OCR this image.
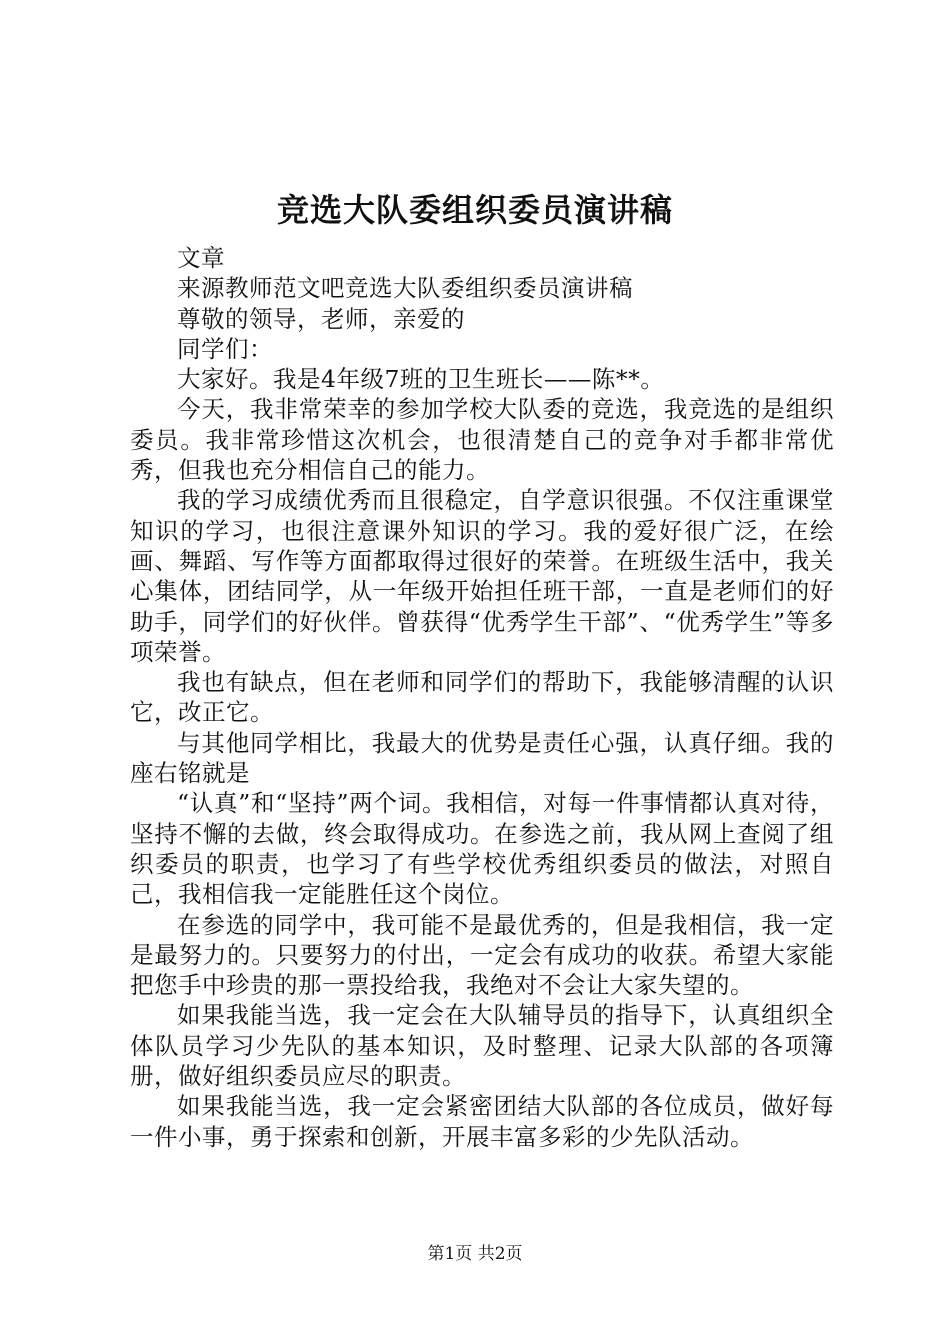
竞选大队委组织委员演讲稿

文章

来源教师范文吧竞选大队委组织委员演讲稿

尊敬的领导，老师，亲爱的

同学们：

大家好。我是4年级7班的卫生班长——陈**。

今天，我非常荣幸的参加学校大队委的竞选，我竞选的是组织委员。我非常珍惜这次机会，也很清楚自己的竞争对手都非常优秀，但我也充分相信自己的能力。

我的学习成绩优秀而且很稳定，自学意识很强。不仅注重课堂知识的学习，也很注意课外知识的学习。我的爱好很广泛，在绘画、舞蹈、写作等方面都取得过很好的荣誉。在班级生活中，我关心集体，团结同学，从一年级开始担任班干部，一直是老师们的好助手，同学们的好伙伴。曾获得“优秀学生干部”、“优秀学生”等多项荣誉。

我也有缺点，但在老师和同学们的帮助下，我能够清醒的认识它，改正它。

与其他同学相比，我最大的优势是责任心强，认真仔细。我的座右铭就是

“认真”和“坚持”两个词。我相信，对每一件事情都认真对待，坚持不懈的去做，终会取得成功。在参选之前，我从网上查阅了组织委员的职责，也学习了有些学校优秀组织委员的做法，对照自己，我相信我一定能胜任这个岗位。

在参选的同学中，我可能不是最优秀的，但是我相信，我一定是最努力的。只要努力的付出，一定会有成功的收获。希望大家能把您手中珍贵的那一票投给我，我绝对不会让大家失望的。

如果我能当选，我一定会在大队辅导员的指导下，认真组织全体队员学习少先队的基本知识，及时整理、记录大队部的各项簿册，做好组织委员应尽的职责。

如果我能当选，我一定会紧密团结大队部的各位成员，做好每一件小事，勇于探索和创新，开展丰富多彩的少先队活动。

第1页 共2页
